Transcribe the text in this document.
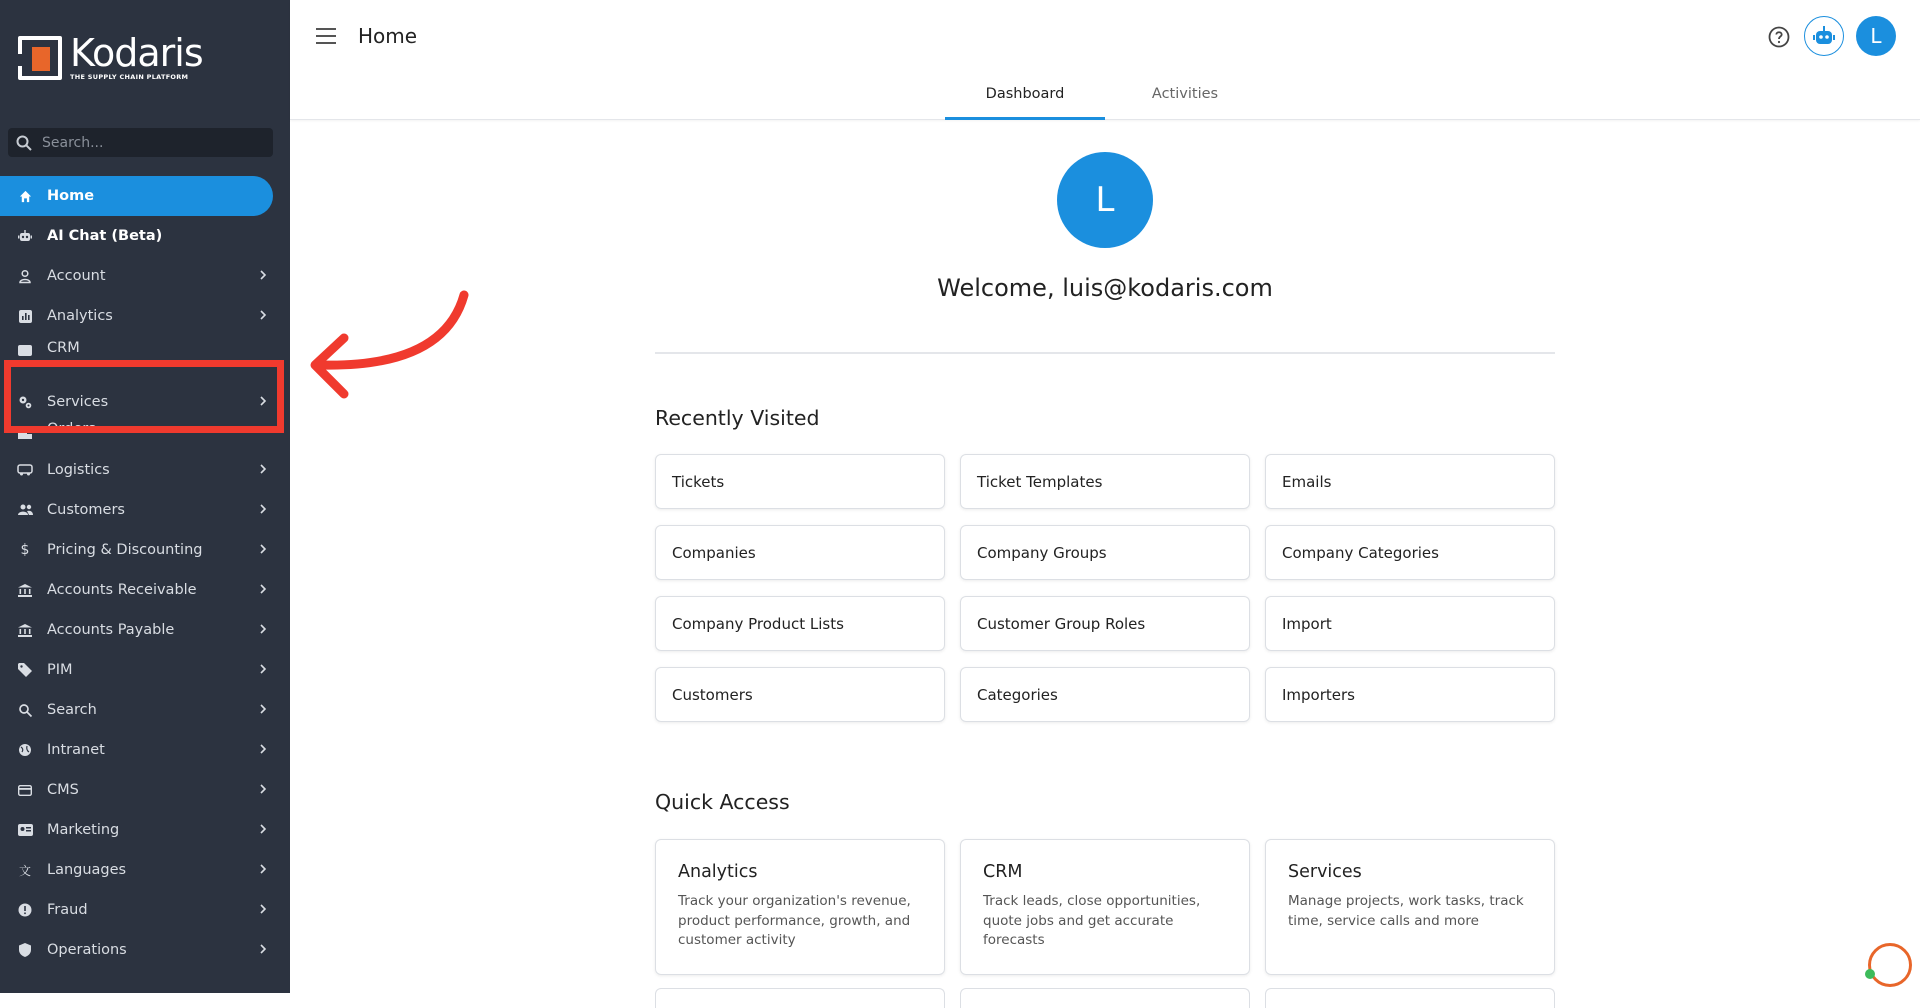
Kodaris
THE SUPPLY CHAIN PLATFORM
Search...
Home
AI Chat (Beta)
Account
Analytics
CRM
Services
Orders
Logistics
Customers
$ Pricing & Discounting
Accounts Receivable
Accounts Payable
PIM
Search
Intranet
CMS
Marketing
文 Languages
Fraud
Operations
Home	L
Dashboard	Activities
L
Welcome, luis@kodaris.com
Recently Visited
Tickets	Ticket Templates	Emails
Companies	Company Groups	Company Categories
Company Product Lists	Customer Group Roles	Import
Customers	Categories	Importers
Quick Access
Analytics
Track your organization's revenue, product performance, growth, and customer activity
CRM
Track leads, close opportunities, quote jobs and get accurate forecasts
Services
Manage projects, work tasks, track time, service calls and more
